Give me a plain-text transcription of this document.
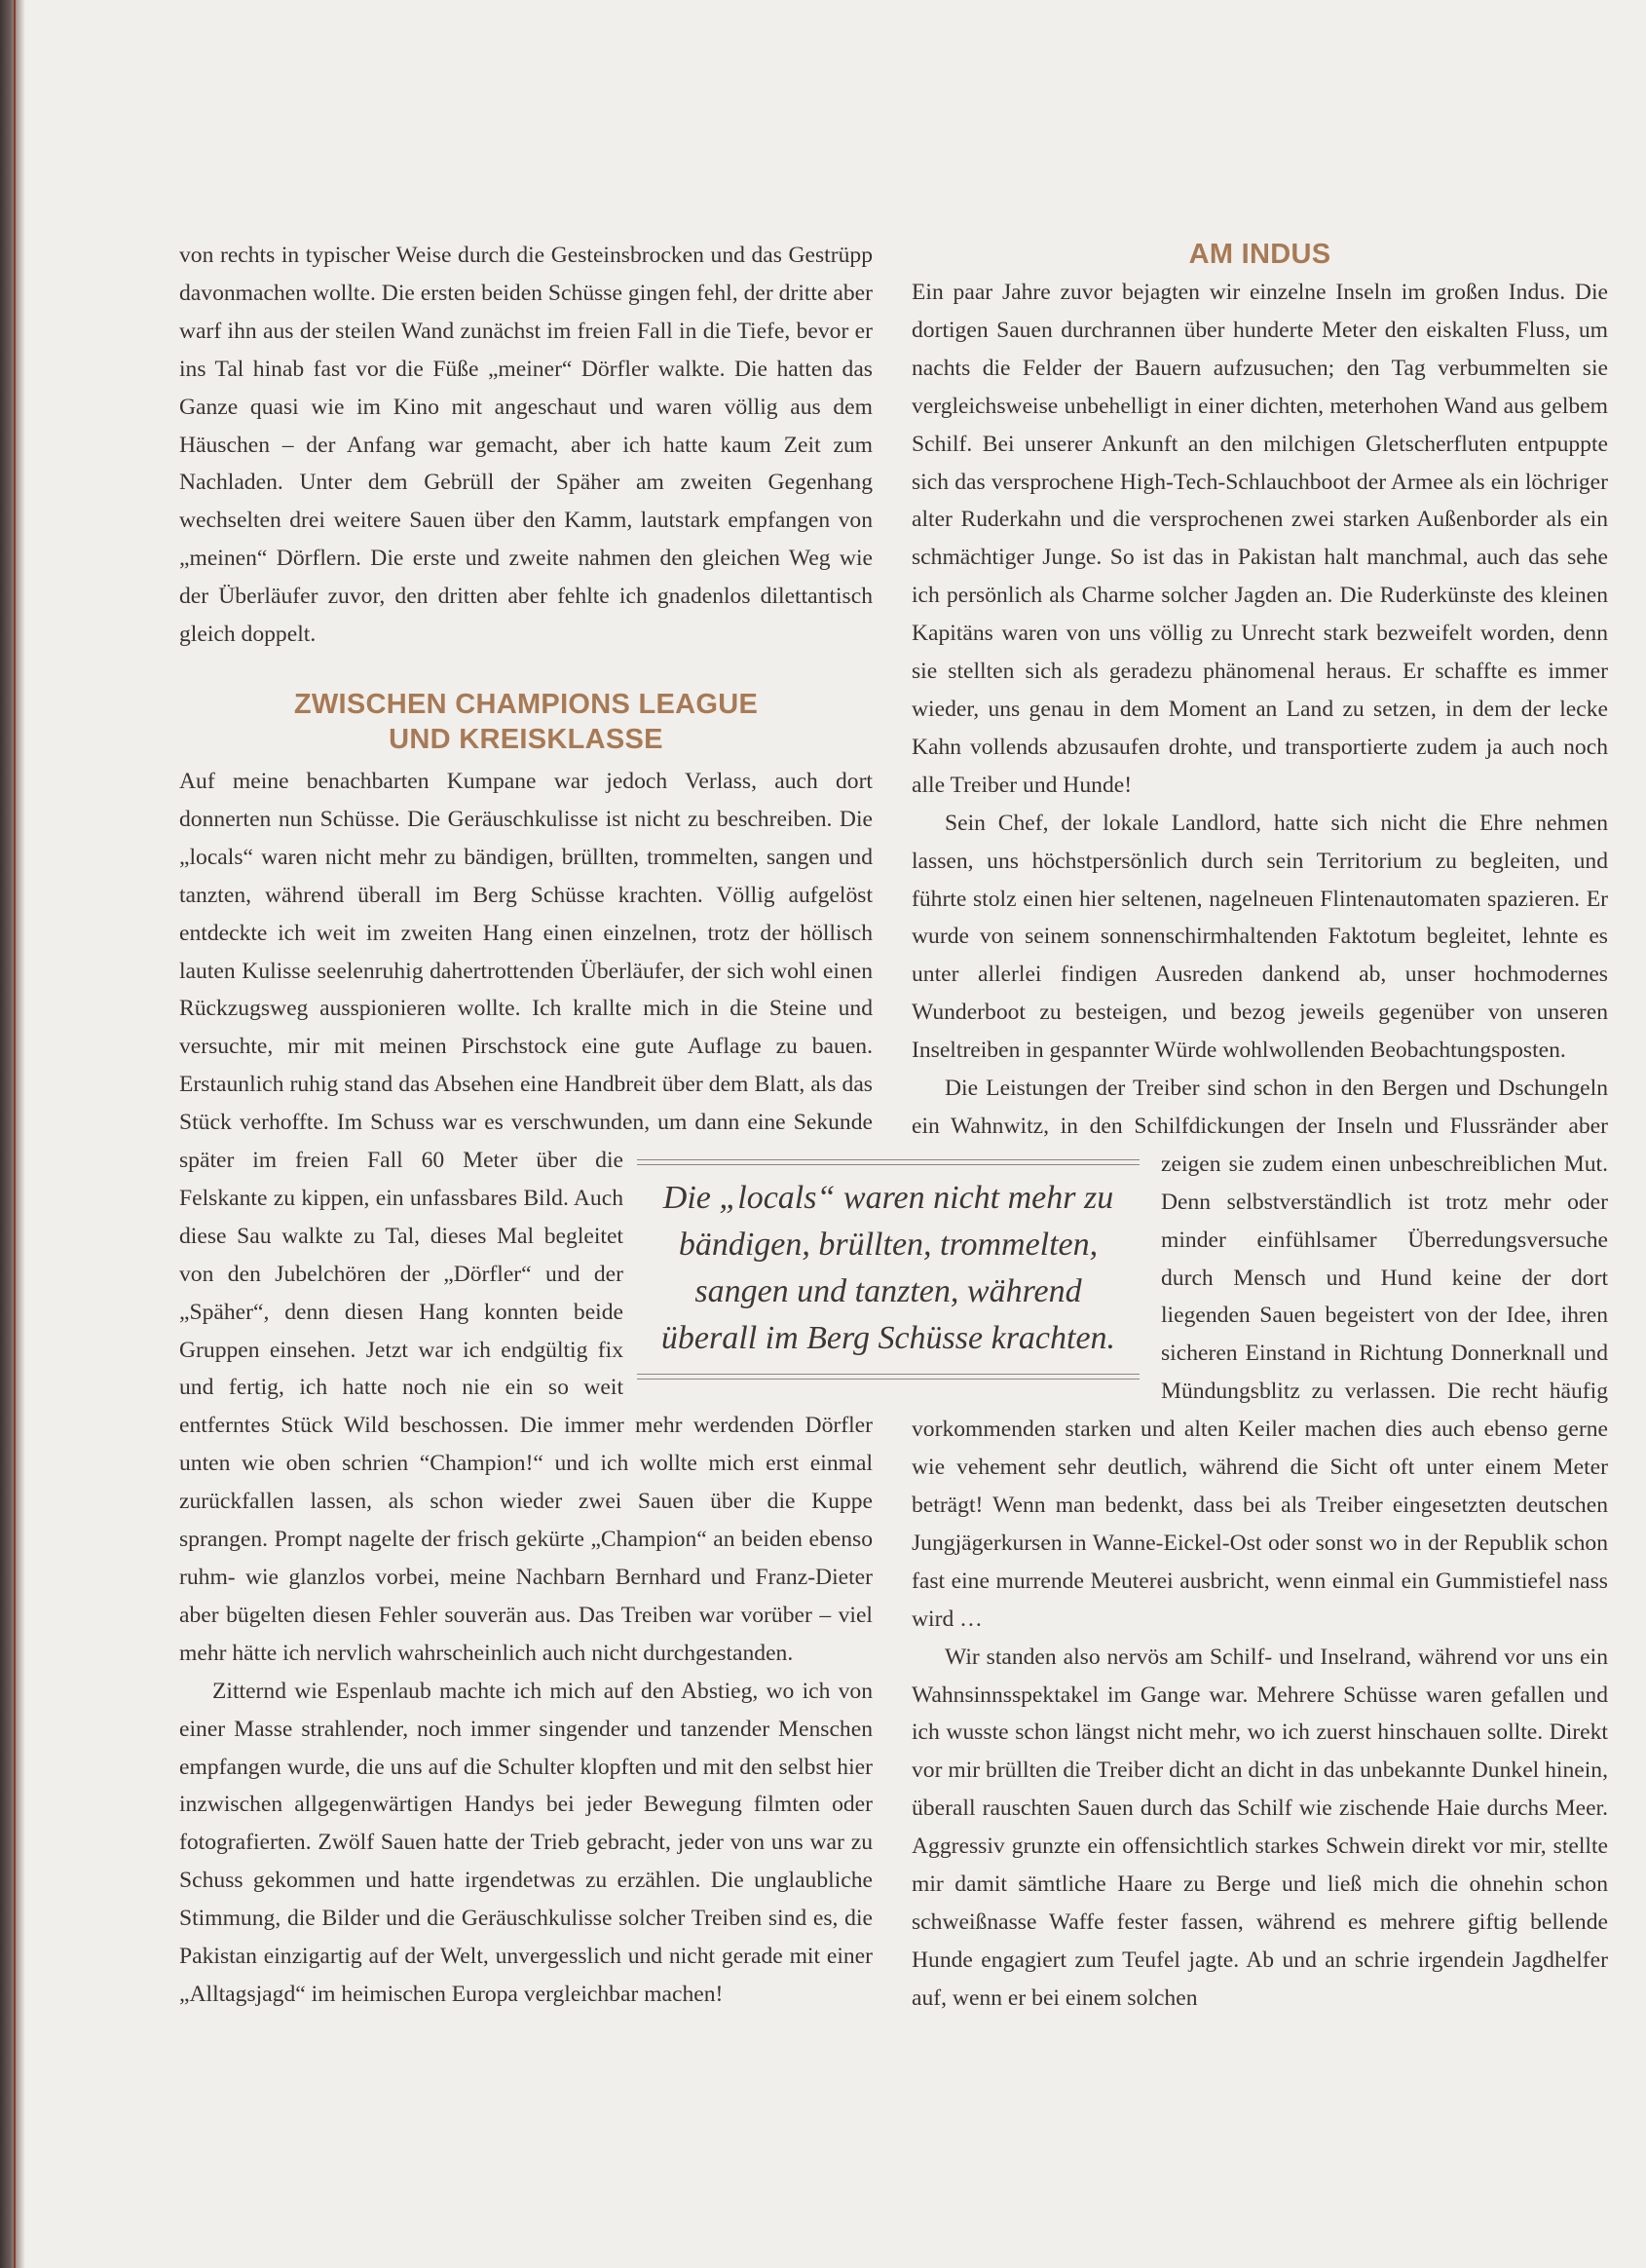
von rechts in typischer Weise durch die Gesteinsbrocken und das Gestrüpp davonmachen wollte. Die ersten beiden Schüsse gingen fehl, der dritte aber warf ihn aus der steilen Wand zunächst im freien Fall in die Tiefe, bevor er ins Tal hinab fast vor die Füße „meiner“ Dörfler walkte. Die hatten das Ganze quasi wie im Kino mit angeschaut und waren völlig aus dem Häuschen – der Anfang war gemacht, aber ich hatte kaum Zeit zum Nachladen. Unter dem Gebrüll der Späher am zweiten Gegenhang wechselten drei weitere Sauen über den Kamm, lautstark empfangen von „meinen“ Dörflern. Die erste und zweite nahmen den gleichen Weg wie der Überläufer zuvor, den dritten aber fehlte ich gnadenlos dilettantisch gleich doppelt.

ZWISCHEN CHAMPIONS LEAGUE
UND KREISKLASSE

Auf meine benachbarten Kumpane war jedoch Verlass, auch dort donnerten nun Schüsse. Die Geräuschkulisse ist nicht zu beschreiben. Die „locals“ waren nicht mehr zu bändigen, brüllten, trommelten, sangen und tanzten, während überall im Berg Schüsse krachten. Völlig aufgelöst entdeckte ich weit im zweiten Hang einen einzelnen, trotz der höllisch lauten Kulisse seelenruhig dahertrottenden Überläufer, der sich wohl einen Rückzugsweg ausspionieren wollte. Ich krallte mich in die Steine und versuchte, mir mit meinen Pirschstock eine gute Auflage zu bauen. Erstaunlich ruhig stand das Absehen eine Handbreit über dem Blatt, als das Stück verhoffte. Im Schuss war es verschwunden, um dann eine Sekunde später im freien Fall 60 Meter über die Felskante zu kippen, ein unfassbares Bild. Auch diese Sau walkte zu Tal, dieses Mal begleitet von den Jubelchören der „Dörfler“ und der „Späher“, denn diesen Hang konnten beide Gruppen einsehen. Jetzt war ich endgültig fix und fertig, ich hatte noch nie ein so weit entferntes Stück Wild beschossen. Die immer mehr werdenden Dörfler unten wie oben schrien “Champion!“ und ich wollte mich erst einmal zurückfallen lassen, als schon wieder zwei Sauen über die Kuppe sprangen. Prompt nagelte der frisch gekürte „Champion“ an beiden ebenso ruhm- wie glanzlos vorbei, meine Nachbarn Bernhard und Franz-Dieter aber bügelten diesen Fehler souverän aus. Das Treiben war vorüber – viel mehr hätte ich nervlich wahrscheinlich auch nicht durchgestanden.

Zitternd wie Espenlaub machte ich mich auf den Abstieg, wo ich von einer Masse strahlender, noch immer singender und tanzender Menschen empfangen wurde, die uns auf die Schulter klopften und mit den selbst hier inzwischen allgegenwärtigen Handys bei jeder Bewegung filmten oder fotografierten. Zwölf Sauen hatte der Trieb gebracht, jeder von uns war zu Schuss gekommen und hatte irgendetwas zu erzählen. Die unglaubliche Stimmung, die Bilder und die Geräuschkulisse solcher Treiben sind es, die Pakistan einzigartig auf der Welt, unvergesslich und nicht gerade mit einer „Alltagsjagd“ im heimischen Europa vergleichbar machen!

AM INDUS

Ein paar Jahre zuvor bejagten wir einzelne Inseln im großen Indus. Die dortigen Sauen durchrannen über hunderte Meter den eiskalten Fluss, um nachts die Felder der Bauern aufzusuchen; den Tag verbummelten sie vergleichsweise unbehelligt in einer dichten, meterhohen Wand aus gelbem Schilf. Bei unserer Ankunft an den milchigen Gletscherfluten entpuppte sich das versprochene High-Tech-Schlauchboot der Armee als ein löchriger alter Ruderkahn und die versprochenen zwei starken Außenborder als ein schmächtiger Junge. So ist das in Pakistan halt manchmal, auch das sehe ich persönlich als Charme solcher Jagden an. Die Ruderkünste des kleinen Kapitäns waren von uns völlig zu Unrecht stark bezweifelt worden, denn sie stellten sich als geradezu phänomenal heraus. Er schaffte es immer wieder, uns genau in dem Moment an Land zu setzen, in dem der lecke Kahn vollends abzusaufen drohte, und transportierte zudem ja auch noch alle Treiber und Hunde!

Sein Chef, der lokale Landlord, hatte sich nicht die Ehre nehmen lassen, uns höchstpersönlich durch sein Territorium zu begleiten, und führte stolz einen hier seltenen, nagelneuen Flintenautomaten spazieren. Er wurde von seinem sonnenschirmhaltenden Faktotum begleitet, lehnte es unter allerlei findigen Ausreden dankend ab, unser hochmodernes Wunderboot zu besteigen, und bezog jeweils gegenüber von unseren Inseltreiben in gespannter Würde wohlwollenden Beobachtungsposten.

Die Leistungen der Treiber sind schon in den Bergen und Dschungeln ein Wahnwitz, in den Schilfdickungen der Inseln und Flussränder aber zeigen sie zudem einen unbeschreiblichen Mut. Denn selbstverständlich ist trotz mehr oder minder einfühlsamer Überredungsversuche durch Mensch und Hund keine der dort liegenden Sauen begeistert von der Idee, ihren sicheren Einstand in Richtung Donnerknall und Mündungsblitz zu verlassen. Die recht häufig vorkommenden starken und alten Keiler machen dies auch ebenso gerne wie vehement sehr deutlich, während die Sicht oft unter einem Meter beträgt! Wenn man bedenkt, dass bei als Treiber eingesetzten deutschen Jungjägerkursen in Wanne-Eickel-Ost oder sonst wo in der Republik schon fast eine murrende Meuterei ausbricht, wenn einmal ein Gummistiefel nass wird …

Wir standen also nervös am Schilf- und Inselrand, während vor uns ein Wahnsinnsspektakel im Gange war. Mehrere Schüsse waren gefallen und ich wusste schon längst nicht mehr, wo ich zuerst hinschauen sollte. Direkt vor mir brüllten die Treiber dicht an dicht in das unbekannte Dunkel hinein, überall rauschten Sauen durch das Schilf wie zischende Haie durchs Meer. Aggressiv grunzte ein offensichtlich starkes Schwein direkt vor mir, stellte mir damit sämtliche Haare zu Berge und ließ mich die ohnehin schon schweißnasse Waffe fester fassen, während es mehrere giftig bellende Hunde engagiert zum Teufel jagte. Ab und an schrie irgendein Jagdhelfer auf, wenn er bei einem solchen

Die „locals“ waren nicht mehr zu
bändigen, brüllten, trommelten,
sangen und tanzten, während
überall im Berg Schüsse krachten.
